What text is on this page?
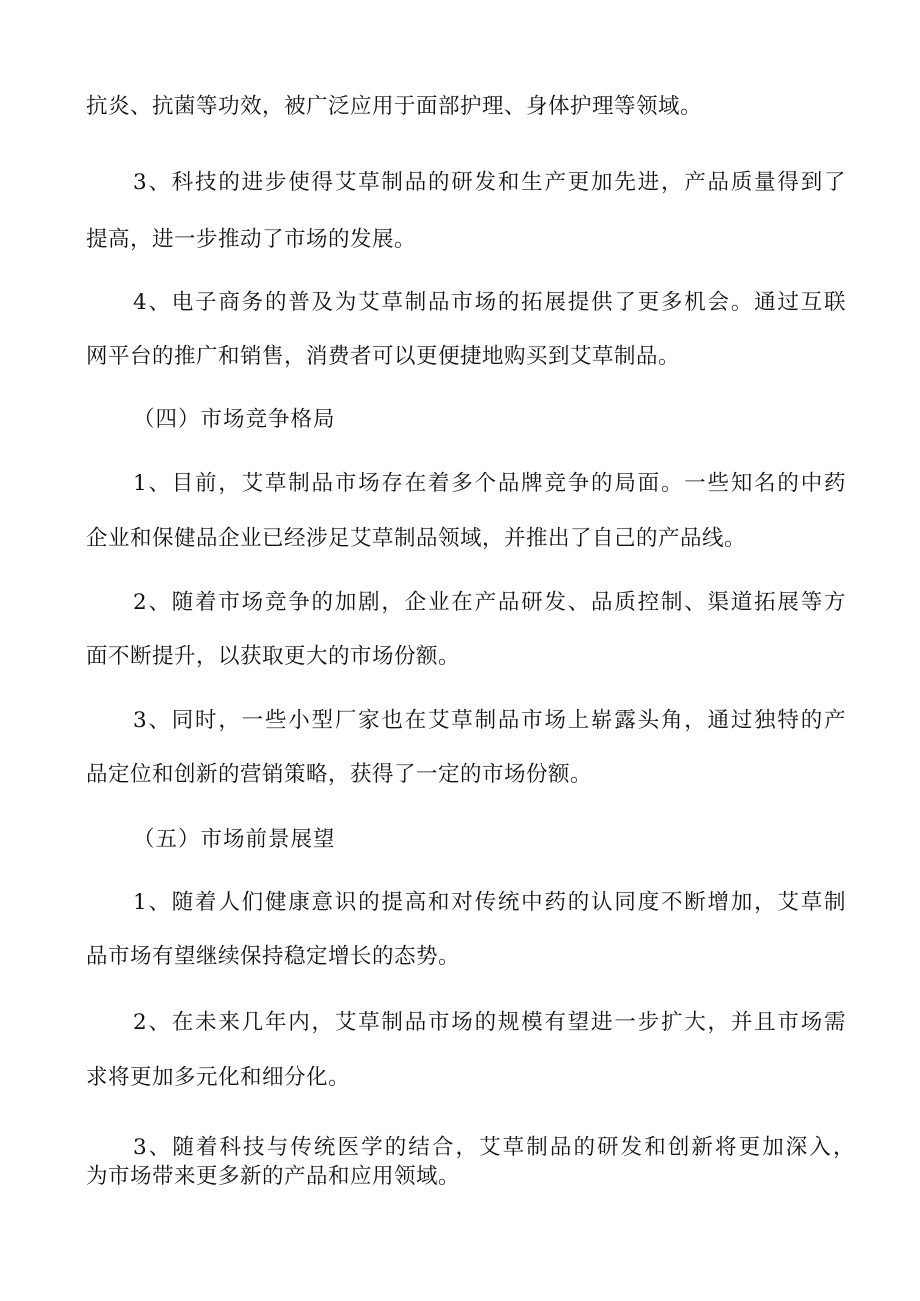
抗炎、抗菌等功效，被广泛应用于面部护理、身体护理等领域。
3、科技的进步使得艾草制品的研发和生产更加先进，产品质量得到了
提高，进一步推动了市场的发展。
4、电子商务的普及为艾草制品市场的拓展提供了更多机会。通过互联
网平台的推广和销售，消费者可以更便捷地购买到艾草制品。
（四）市场竞争格局
1、目前，艾草制品市场存在着多个品牌竞争的局面。一些知名的中药
企业和保健品企业已经涉足艾草制品领域，并推出了自己的产品线。
2、随着市场竞争的加剧，企业在产品研发、品质控制、渠道拓展等方
面不断提升，以获取更大的市场份额。
3、同时，一些小型厂家也在艾草制品市场上崭露头角，通过独特的产
品定位和创新的营销策略，获得了一定的市场份额。
（五）市场前景展望
1、随着人们健康意识的提高和对传统中药的认同度不断增加，艾草制
品市场有望继续保持稳定增长的态势。
2、在未来几年内，艾草制品市场的规模有望进一步扩大，并且市场需
求将更加多元化和细分化。
3、随着科技与传统医学的结合，艾草制品的研发和创新将更加深入，
为市场带来更多新的产品和应用领域。
